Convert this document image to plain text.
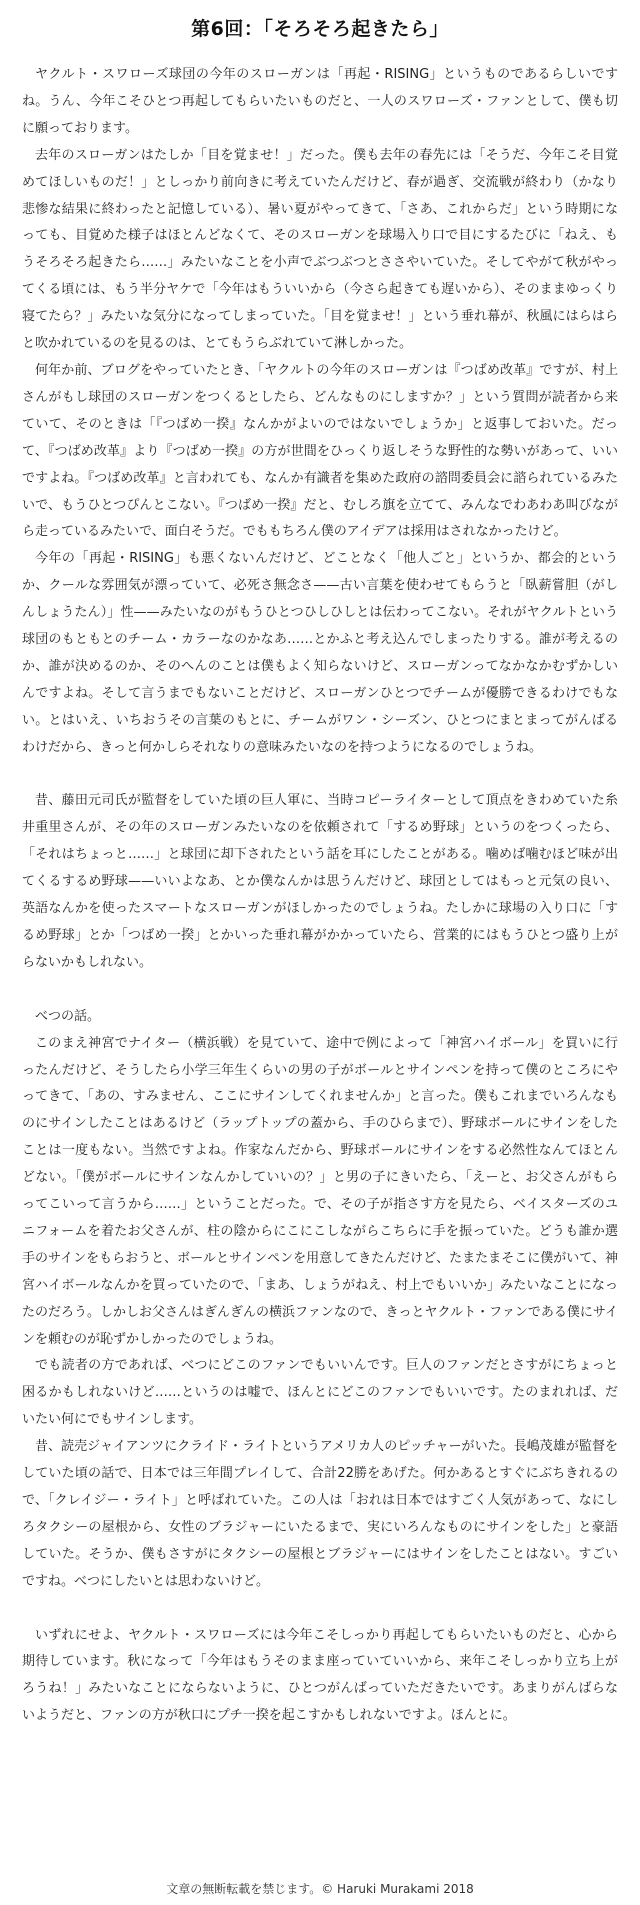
第6回：「そろそろ起きたら」

ヤクルト・スワローズ球団の今年のスローガンは「再起・RISING」というものであるらしいですね。うん、今年こそひとつ再起してもらいたいものだと、一人のスワローズ・ファンとして、僕も切に願っております。

去年のスローガンはたしか「目を覚ませ！」だった。僕も去年の春先には「そうだ、今年こそ目覚めてほしいものだ！」としっかり前向きに考えていたんだけど、春が過ぎ、交流戦が終わり（かなり悲惨な結果に終わったと記憶している）、暑い夏がやってきて、「さあ、これからだ」という時期になっても、目覚めた様子はほとんどなくて、そのスローガンを球場入り口で目にするたびに「ねえ、もうそろそろ起きたら……」みたいなことを小声でぶつぶつとささやいていた。そしてやがて秋がやってくる頃には、もう半分ヤケで「今年はもういいから（今さら起きても遅いから）、そのままゆっくり寝てたら？」みたいな気分になってしまっていた。「目を覚ませ！」という垂れ幕が、秋風にはらはらと吹かれているのを見るのは、とてもうらぶれていて淋しかった。

何年か前、ブログをやっていたとき、「ヤクルトの今年のスローガンは『つばめ改革』ですが、村上さんがもし球団のスローガンをつくるとしたら、どんなものにしますか？」という質問が読者から来ていて、そのときは「『つばめ一揆』なんかがよいのではないでしょうか」と返事しておいた。だって、『つばめ改革』より『つばめ一揆』の方が世間をひっくり返しそうな野性的な勢いがあって、いいですよね。『つばめ改革』と言われても、なんか有識者を集めた政府の諮問委員会に諮られているみたいで、もうひとつぴんとこない。『つばめ一揆』だと、むしろ旗を立てて、みんなでわあわあ叫びながら走っているみたいで、面白そうだ。でももちろん僕のアイデアは採用はされなかったけど。

今年の「再起・RISING」も悪くないんだけど、どことなく「他人ごと」というか、都会的というか、クールな雰囲気が漂っていて、必死さ無念さ——古い言葉を使わせてもらうと「臥薪嘗胆（がしんしょうたん）」性——みたいなのがもうひとつひしひしとは伝わってこない。それがヤクルトという球団のもともとのチーム・カラーなのかなあ……とかふと考え込んでしまったりする。誰が考えるのか、誰が決めるのか、そのへんのことは僕もよく知らないけど、スローガンってなかなかむずかしいんですよね。そして言うまでもないことだけど、スローガンひとつでチームが優勝できるわけでもない。とはいえ、いちおうその言葉のもとに、チームがワン・シーズン、ひとつにまとまってがんばるわけだから、きっと何かしらそれなりの意味みたいなのを持つようになるのでしょうね。

昔、藤田元司氏が監督をしていた頃の巨人軍に、当時コピーライターとして頂点をきわめていた糸井重里さんが、その年のスローガンみたいなのを依頼されて「するめ野球」というのをつくったら、「それはちょっと……」と球団に却下されたという話を耳にしたことがある。噛めば噛むほど味が出てくるするめ野球——いいよなあ、とか僕なんかは思うんだけど、球団としてはもっと元気の良い、英語なんかを使ったスマートなスローガンがほしかったのでしょうね。たしかに球場の入り口に「するめ野球」とか「つばめ一揆」とかいった垂れ幕がかかっていたら、営業的にはもうひとつ盛り上がらないかもしれない。

べつの話。

このまえ神宮でナイター（横浜戦）を見ていて、途中で例によって「神宮ハイボール」を買いに行ったんだけど、そうしたら小学三年生くらいの男の子がボールとサインペンを持って僕のところにやってきて、「あの、すみません、ここにサインしてくれませんか」と言った。僕もこれまでいろんなものにサインしたことはあるけど（ラップトップの蓋から、手のひらまで）、野球ボールにサインをしたことは一度もない。当然ですよね。作家なんだから、野球ボールにサインをする必然性なんてほとんどない。「僕がボールにサインなんかしていいの？」と男の子にきいたら、「えーと、お父さんがもらってこいって言うから……」ということだった。で、その子が指さす方を見たら、ベイスターズのユニフォームを着たお父さんが、柱の陰からにこにこしながらこちらに手を振っていた。どうも誰か選手のサインをもらおうと、ボールとサインペンを用意してきたんだけど、たまたまそこに僕がいて、神宮ハイボールなんかを買っていたので、「まあ、しょうがねえ、村上でもいいか」みたいなことになったのだろう。しかしお父さんはぎんぎんの横浜ファンなので、きっとヤクルト・ファンである僕にサインを頼むのが恥ずかしかったのでしょうね。

でも読者の方であれば、べつにどこのファンでもいいんです。巨人のファンだとさすがにちょっと困るかもしれないけど……というのは嘘で、ほんとにどこのファンでもいいです。たのまれれば、だいたい何にでもサインします。

昔、読売ジャイアンツにクライド・ライトというアメリカ人のピッチャーがいた。長嶋茂雄が監督をしていた頃の話で、日本では三年間プレイして、合計22勝をあげた。何かあるとすぐにぶちきれるので、「クレイジー・ライト」と呼ばれていた。この人は「おれは日本ではすごく人気があって、なにしろタクシーの屋根から、女性のブラジャーにいたるまで、実にいろんなものにサインをした」と豪語していた。そうか、僕もさすがにタクシーの屋根とブラジャーにはサインをしたことはない。すごいですね。べつにしたいとは思わないけど。

いずれにせよ、ヤクルト・スワローズには今年こそしっかり再起してもらいたいものだと、心から期待しています。秋になって「今年はもうそのまま座っていていいから、来年こそしっかり立ち上がろうね！」みたいなことにならないように、ひとつがんばっていただきたいです。あまりがんばらないようだと、ファンの方が秋口にプチ一揆を起こすかもしれないですよ。ほんとに。

文章の無断転載を禁じます。© Haruki Murakami 2018
